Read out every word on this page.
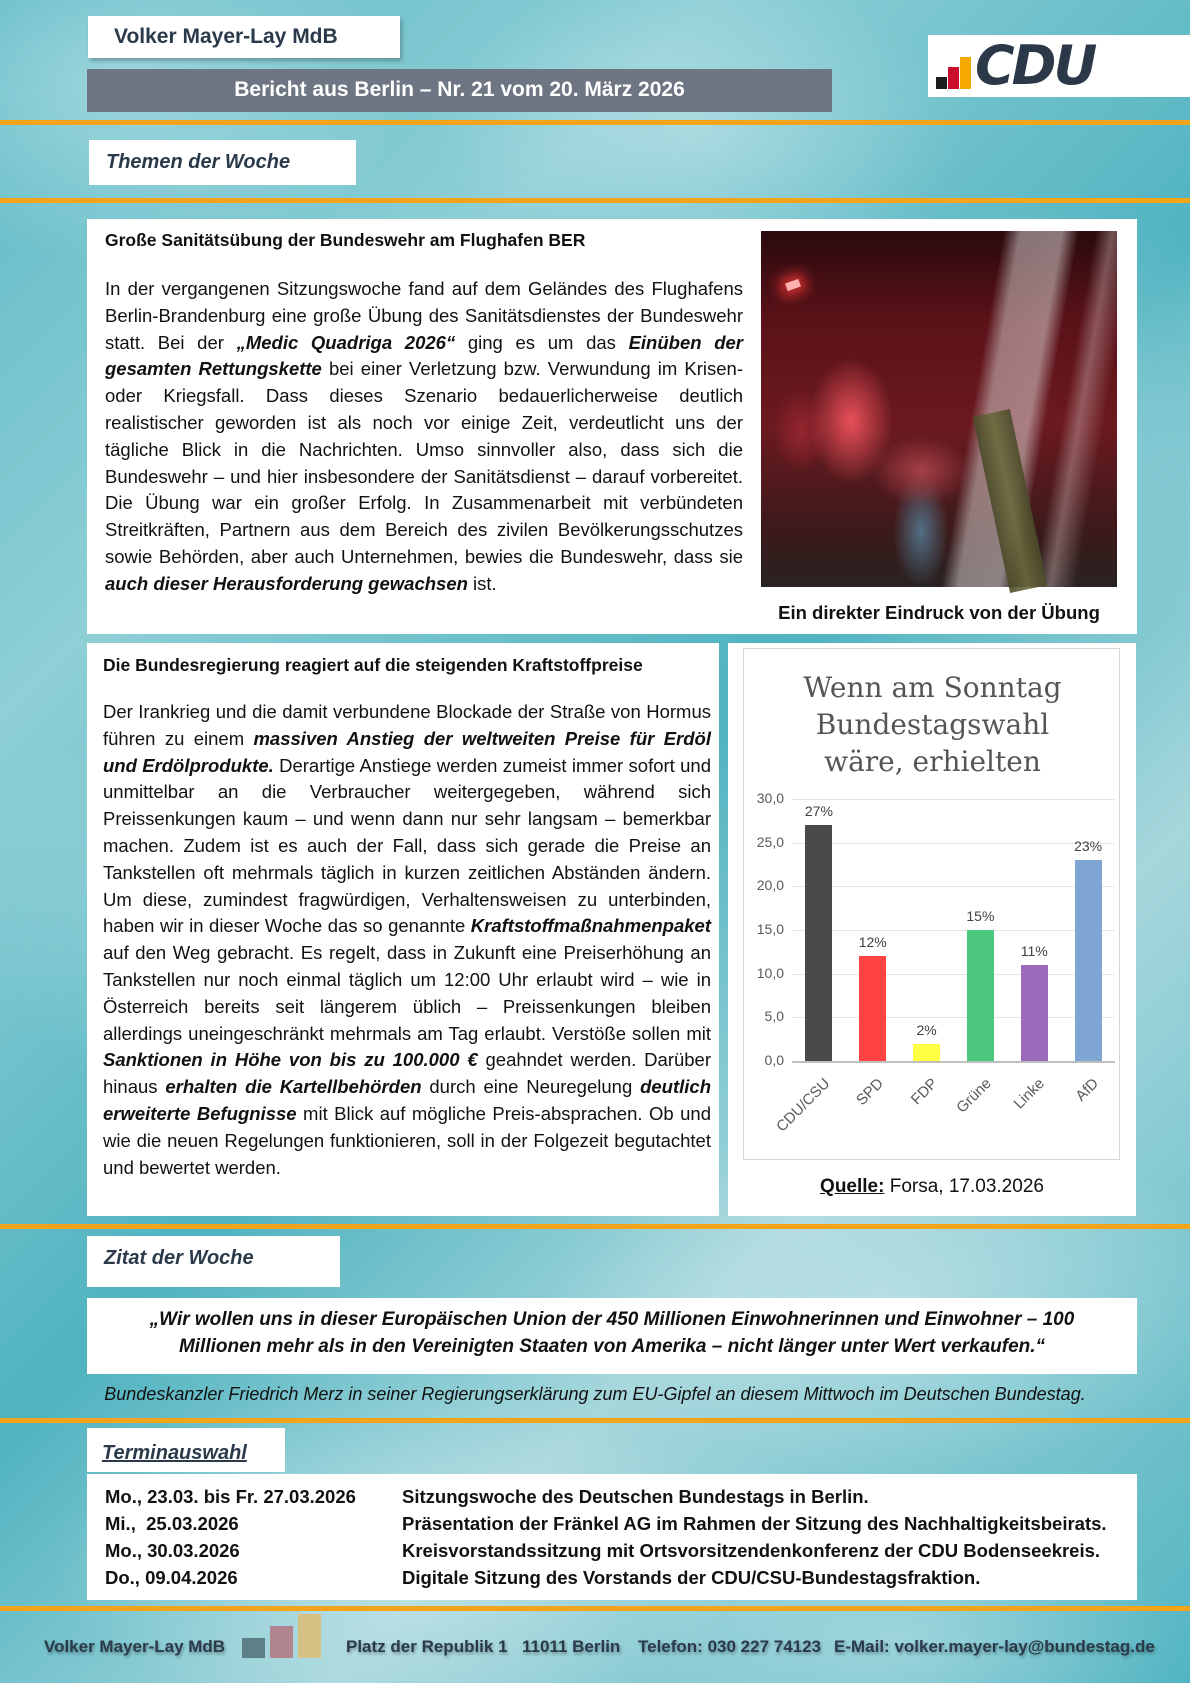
Volker Mayer-Lay MdB
Bericht aus Berlin – Nr. 21 vom 20. März 2026	CDU
Themen der Woche
Große Sanitätsübung der Bundeswehr am Flughafen BER
In der vergangenen Sitzungswoche fand auf dem Geländes des Flughafens Berlin-Brandenburg eine große Übung des Sanitätsdienstes der Bundeswehr statt. Bei der „Medic Quadriga 2026“ ging es um das Einüben der gesamten Rettungskette bei einer Verletzung bzw. Verwundung im Krisen- oder Kriegsfall. Dass dieses Szenario bedauerlicherweise deutlich realistischer geworden ist als noch vor einige Zeit, verdeutlicht uns der tägliche Blick in die Nachrichten. Umso sinnvoller also, dass sich die Bundeswehr – und hier insbesondere der Sanitätsdienst – darauf vorbereitet. Die Übung war ein großer Erfolg. In Zusammenarbeit mit verbündeten Streitkräften, Partnern aus dem Bereich des zivilen Bevölkerungsschutzes sowie Behörden, aber auch Unternehmen, bewies die Bundeswehr, dass sie auch dieser Herausforderung gewachsen ist.
Ein direkter Eindruck von der Übung
Die Bundesregierung reagiert auf die steigenden Kraftstoffpreise
Der Irankrieg und die damit verbundene Blockade der Straße von Hormus führen zu einem massiven Anstieg der weltweiten Preise für Erdöl und Erdölprodukte. Derartige Anstiege werden zumeist immer sofort und unmittelbar an die Verbraucher weitergegeben, während sich Preissenkungen kaum – und wenn dann nur sehr langsam – bemerkbar machen. Zudem ist es auch der Fall, dass sich gerade die Preise an Tankstellen oft mehrmals täglich in kurzen zeitlichen Abständen ändern. Um diese, zumindest fragwürdigen, Verhaltensweisen zu unterbinden, haben wir in dieser Woche das so genannte Kraftstoffmaßnahmenpaket auf den Weg gebracht. Es regelt, dass in Zukunft eine Preiserhöhung an Tankstellen nur noch einmal täglich um 12:00 Uhr erlaubt wird – wie in Österreich bereits seit längerem üblich – Preissenkungen bleiben allerdings uneingeschränkt mehrmals am Tag erlaubt. Verstöße sollen mit Sanktionen in Höhe von bis zu 100.000 € geahndet werden. Darüber hinaus erhalten die Kartellbehörden durch eine Neuregelung deutlich erweiterte Befugnisse mit Blick auf mögliche Preis-absprachen. Ob und wie die neuen Regelungen funktionieren, soll in der Folgezeit begutachtet und bewertet werden.
Wenn am Sonntag
Bundestagswahl
wäre, erhielten
0,0
5,0
10,0
15,0
20,0
25,0
30,0
27%
CDU/CSU
12%
SPD
2%
FDP
15%
Grüne
11%
Linke
23%
AfD
Quelle: Forsa, 17.03.2026
Zitat der Woche
„Wir wollen uns in dieser Europäischen Union der 450 Millionen Einwohnerinnen und Einwohner – 100 Millionen mehr als in den Vereinigten Staaten von Amerika – nicht länger unter Wert verkaufen.“
Bundeskanzler Friedrich Merz in seiner Regierungserklärung zum EU-Gipfel an diesem Mittwoch im Deutschen Bundestag.
Terminauswahl
Mo., 23.03. bis Fr. 27.03.2026	Sitzungswoche des Deutschen Bundestags in Berlin.
Mi.,  25.03.2026	Präsentation der Fränkel AG im Rahmen der Sitzung des Nachhaltigkeitsbeirats.
Mo., 30.03.2026	Kreisvorstandssitzung mit Ortsvorsitzendenkonferenz der CDU Bodenseekreis.
Do., 09.04.2026	Digitale Sitzung des Vorstands der CDU/CSU-Bundestagsfraktion.
Volker Mayer-Lay MdB	Platz der Republik 1 11011 Berlin Telefon: 030 227 74123 E-Mail: volker.mayer-lay@bundestag.de
